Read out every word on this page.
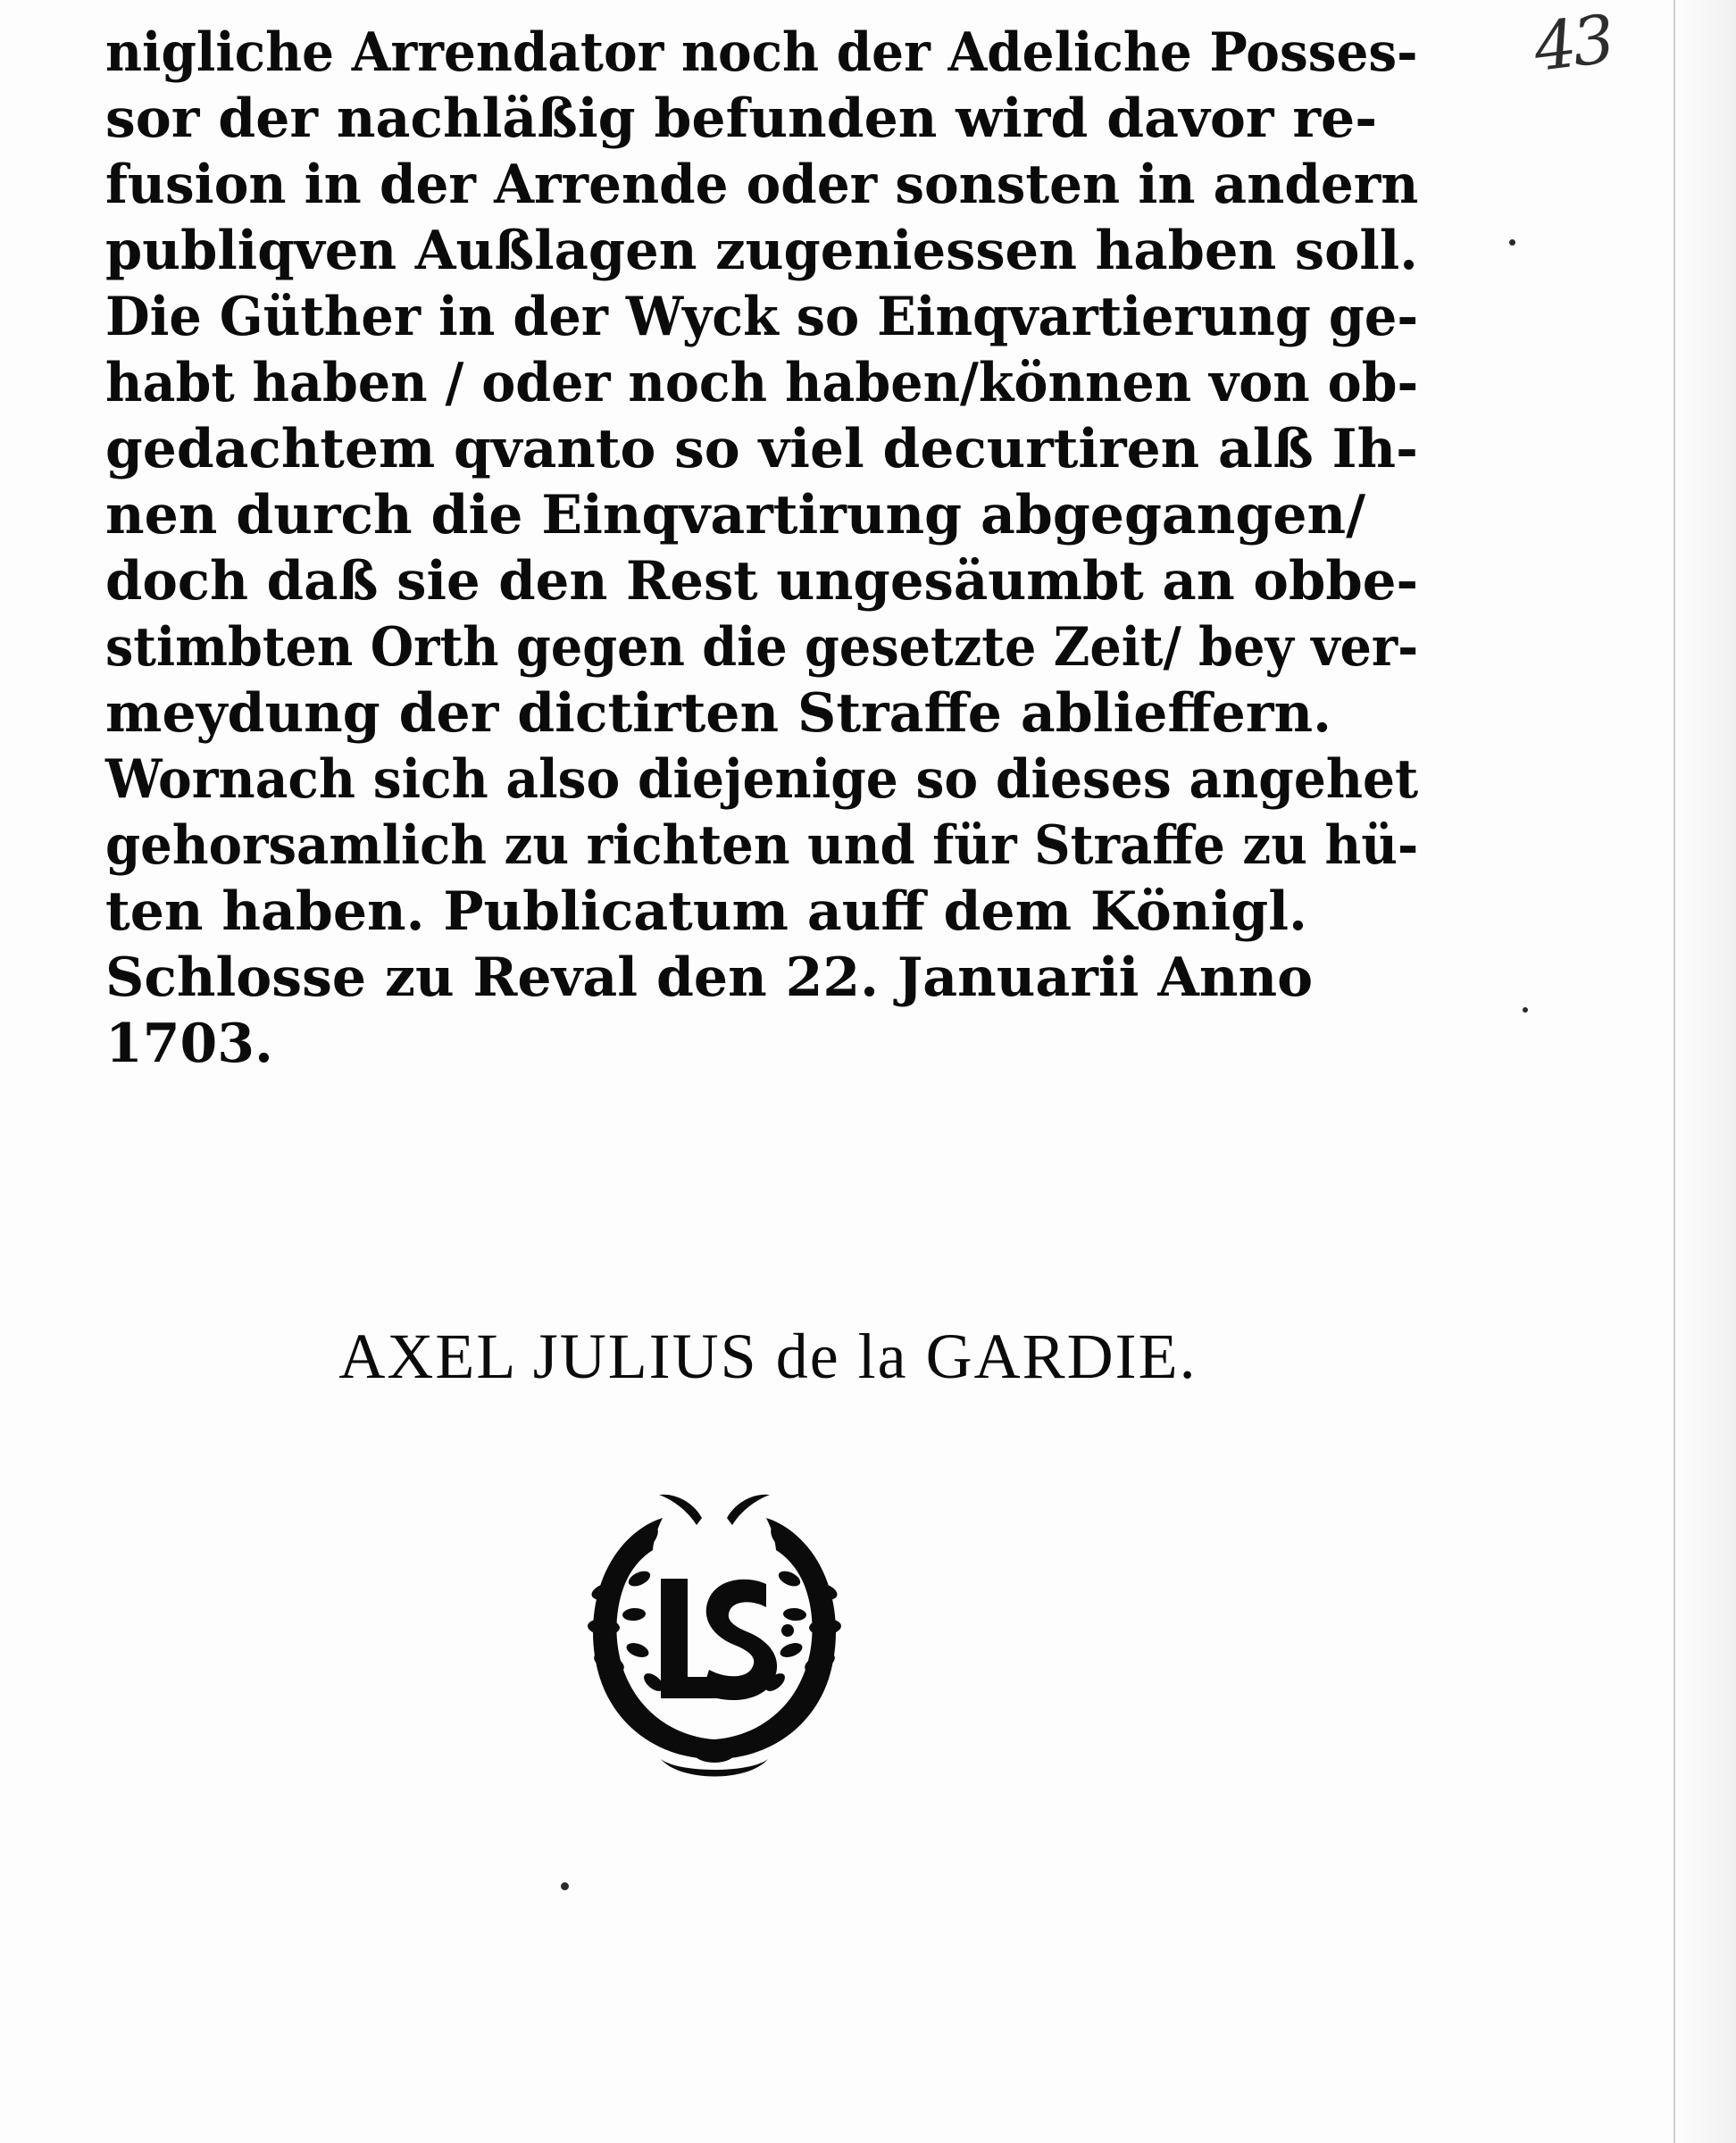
43
nigliche Arrendator noch der Adeliche Posses-
sor der nachläßig befunden wird davor re-
fusion in der Arrende oder sonsten in andern
publiqven Außlagen zugeniessen haben soll.
Die Güther in der Wyck so Einqvartierung ge-
habt haben / oder noch haben/können von ob-
gedachtem qvanto so viel decurtiren alß Ih-
nen durch die Einqvartirung abgegangen/
doch daß sie den Rest ungesäumbt an obbe-
stimbten Orth gegen die gesetzte Zeit/ bey ver-
meydung der dictirten Straffe ablieffern.
Wornach sich also diejenige so dieses angehet
gehorsamlich zu richten und für Straffe zu hü-
ten haben. Publicatum auff dem Königl.
Schlosse zu Reval den 22. Januarii Anno
1703.
AXEL JULIUS de la GARDIE.
